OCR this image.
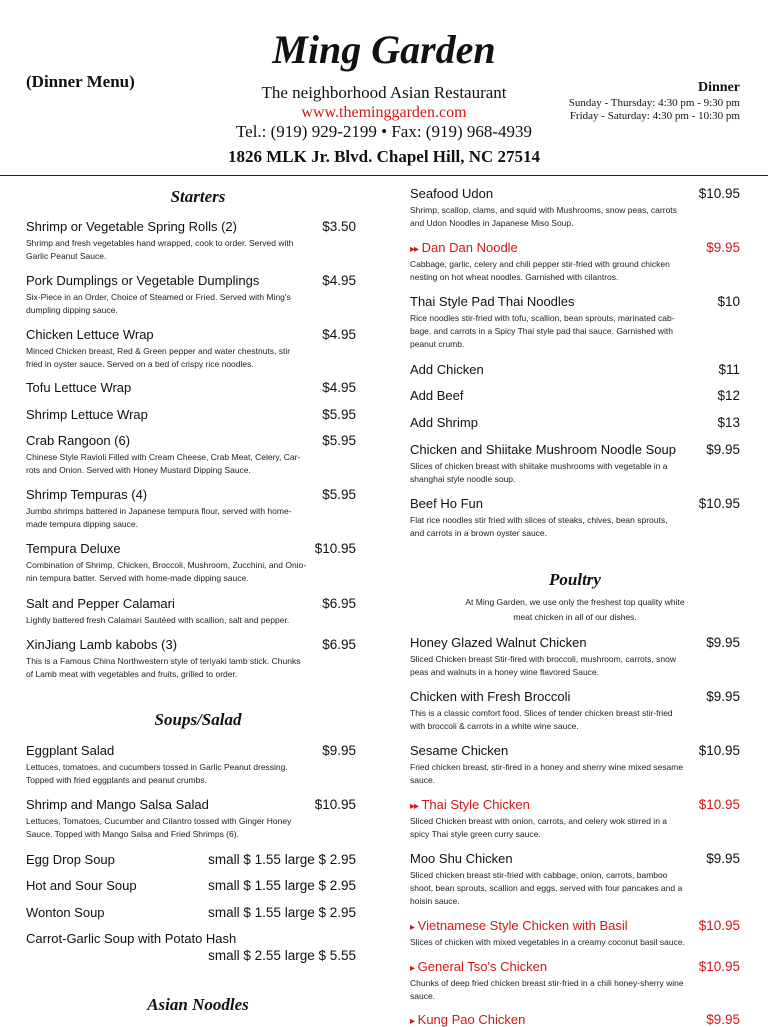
Ming Garden
(Dinner Menu)
The neighborhood Asian Restaurant
www.theminggarden.com
Tel.: (919) 929-2199 • Fax: (919) 968-4939
1826 MLK Jr. Blvd. Chapel Hill, NC 27514
Dinner
Sunday - Thursday: 4:30 pm - 9:30 pm
Friday - Saturday: 4:30 pm - 10:30 pm
Starters
Shrimp or Vegetable Spring Rolls (2)	$3.50
Shrimp and fresh vegetables hand wrapped, cook to order. Served with
Garlic Peanut Sauce.
Pork Dumplings or Vegetable Dumplings	$4.95
Six-Piece in an Order, Choice of Steamed or Fried. Served with Ming's
dumpling dipping sauce.
Chicken Lettuce Wrap	$4.95
Minced Chicken breast, Red & Green pepper and water chestnuts, stir
fried in oyster sauce. Served on a bed of crispy rice noodles.
Tofu Lettuce Wrap	$4.95
Shrimp Lettuce Wrap	$5.95
Crab Rangoon (6)	$5.95
Chinese Style Ravioli Filled with Cream Cheese, Crab Meat, Celery, Car-
rots and Onion. Served with Honey Mustard Dipping Sauce.
Shrimp Tempuras (4)	$5.95
Jumbo shrimps battered in Japanese tempura flour, served with home-
made tempura dipping sauce.
Tempura Deluxe	$10.95
Combination of Shrimp, Chicken, Broccoli, Mushroom, Zucchini, and Onio-
nin tempura batter. Served with home-made dipping sauce.
Salt and Pepper Calamari	$6.95
Lightly battered fresh Calamari Sautéed with scallion, salt and pepper.
XinJiang Lamb kabobs (3)	$6.95
This is a Famous China Northwestern style of teriyaki lamb stick. Chunks
of Lamb meat with vegetables and fruits, grilled to order.
Soups/Salad
Eggplant Salad	$9.95
Lettuces, tomatoes, and cucumbers tossed in Garlic Peanut dressing.
Topped with fried eggplants and peanut crumbs.
Shrimp and Mango Salsa Salad	$10.95
Lettuces, Tomatoes, Cucumber and Cilantro tossed with Ginger Honey
Sauce. Topped with Mango Salsa and Fried Shrimps (6).
Egg Drop Soup	small $ 1.55 large $ 2.95
Hot and Sour Soup	small $ 1.55 large $ 2.95
Wonton Soup	small $ 1.55 large $ 2.95
Carrot-Garlic Soup with Potato Hash
small $ 2.55 large $ 5.55
Asian Noodles
Seafood Udon	$10.95
Shrimp, scallop, clams, and squid with Mushrooms, snow peas, carrots
and Udon Noodles in Japanese Miso Soup.
▸▸ Dan Dan Noodle	$9.95
Cabbage, garlic, celery and chili pepper stir-fried with ground chicken
nesting on hot wheat noodles. Garnished with cilantros.
Thai Style Pad Thai Noodles	$10
Rice noodles stir-fried with tofu, scallion, bean sprouts, marinated cab-
bage, and carrots in a Spicy Thai style pad thai sauce. Garnished with
peanut crumb.
Add Chicken	$11
Add Beef	$12
Add Shrimp	$13
Chicken and Shiitake Mushroom Noodle Soup $9.95
Slices of chicken breast with shiitake mushrooms with vegetable in a
shanghai style noodle soup.
Beef Ho Fun	$10.95
Flat rice noodles stir fried with slices of steaks, chives, bean sprouts,
and carrots in a brown oyster sauce.
Poultry
At Ming Garden, we use only the freshest top quality white
meat chicken in all of our dishes.
Honey Glazed Walnut Chicken	$9.95
Sliced Chicken breast Stir-fired with broccoli, mushroom, carrots, snow
peas and walnuts in a honey wine flavored Sauce.
Chicken with Fresh Broccoli	$9.95
This is a classic comfort food. Slices of tender chicken breast stir-fried
with broccoli & carrots in a white wine sauce.
Sesame Chicken	$10.95
Fried chicken breast, stir-fired in a honey and sherry wine mixed sesame
sauce.
▸▸ Thai Style Chicken	$10.95
Sliced Chicken breast with onion, carrots, and celery wok stirred in a
spicy Thai style green curry sauce.
Moo Shu Chicken	$9.95
Sliced chicken breast stir-fried with cabbage, onion, carrots, bamboo
shoot, bean sprouts, scallion and eggs, served with four pancakes and a
hoisin sauce.
▸ Vietnamese Style Chicken with Basil	$10.95
Slices of chicken with mixed vegetables in a creamy coconut basil sauce.
▸ General Tso's Chicken	$10.95
Chunks of deep fried chicken breast stir-fried in a chili honey-sherry wine
sauce.
▸ Kung Pao Chicken	$9.95
